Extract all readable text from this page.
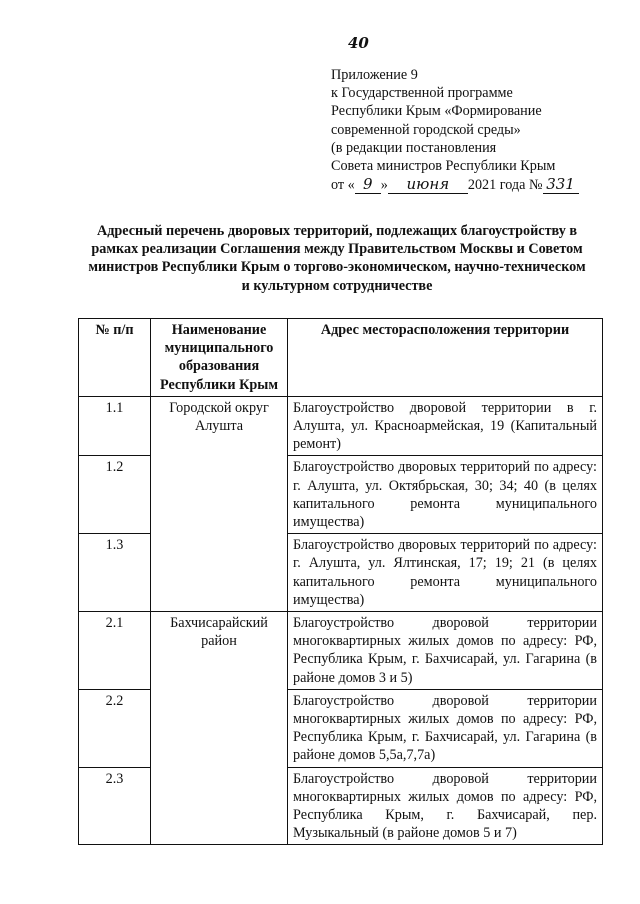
40
Приложение 9
к Государственной программе
Республики Крым «Формирование
современной городской среды»
(в редакции постановления
Совета министров Республики Крым
от « 9 » июня 2021 года № 331
Адресный перечень дворовых территорий, подлежащих благоустройству в рамках реализации Соглашения между Правительством Москвы и Советом министров Республики Крым о торгово-экономическом, научно-техническом и культурном сотрудничестве
№ п/п	Наименование муниципального образования Республики Крым	Адрес месторасположения территории
1.1	Городской округ Алушта	Благоустройство дворовой территории в г. Алушта, ул. Красноармейская, 19 (Капитальный ремонт)
1.2		Благоустройство дворовых территорий по адресу: г. Алушта, ул. Октябрьская, 30; 34; 40 (в целях капитального ремонта муниципального имущества)
1.3		Благоустройство дворовых территорий по адресу: г. Алушта, ул. Ялтинская, 17; 19; 21 (в целях капитального ремонта муниципального имущества)
2.1	Бахчисарайский район	Благоустройство дворовой территории многоквартирных жилых домов по адресу: РФ, Республика Крым, г. Бахчисарай, ул. Гагарина (в районе домов 3 и 5)
2.2		Благоустройство дворовой территории многоквартирных жилых домов по адресу: РФ, Республика Крым, г. Бахчисарай, ул. Гагарина (в районе домов 5,5а,7,7а)
2.3		Благоустройство дворовой территории многоквартирных жилых домов по адресу: РФ, Республика Крым, г. Бахчисарай, пер. Музыкальный (в районе домов 5 и 7)
